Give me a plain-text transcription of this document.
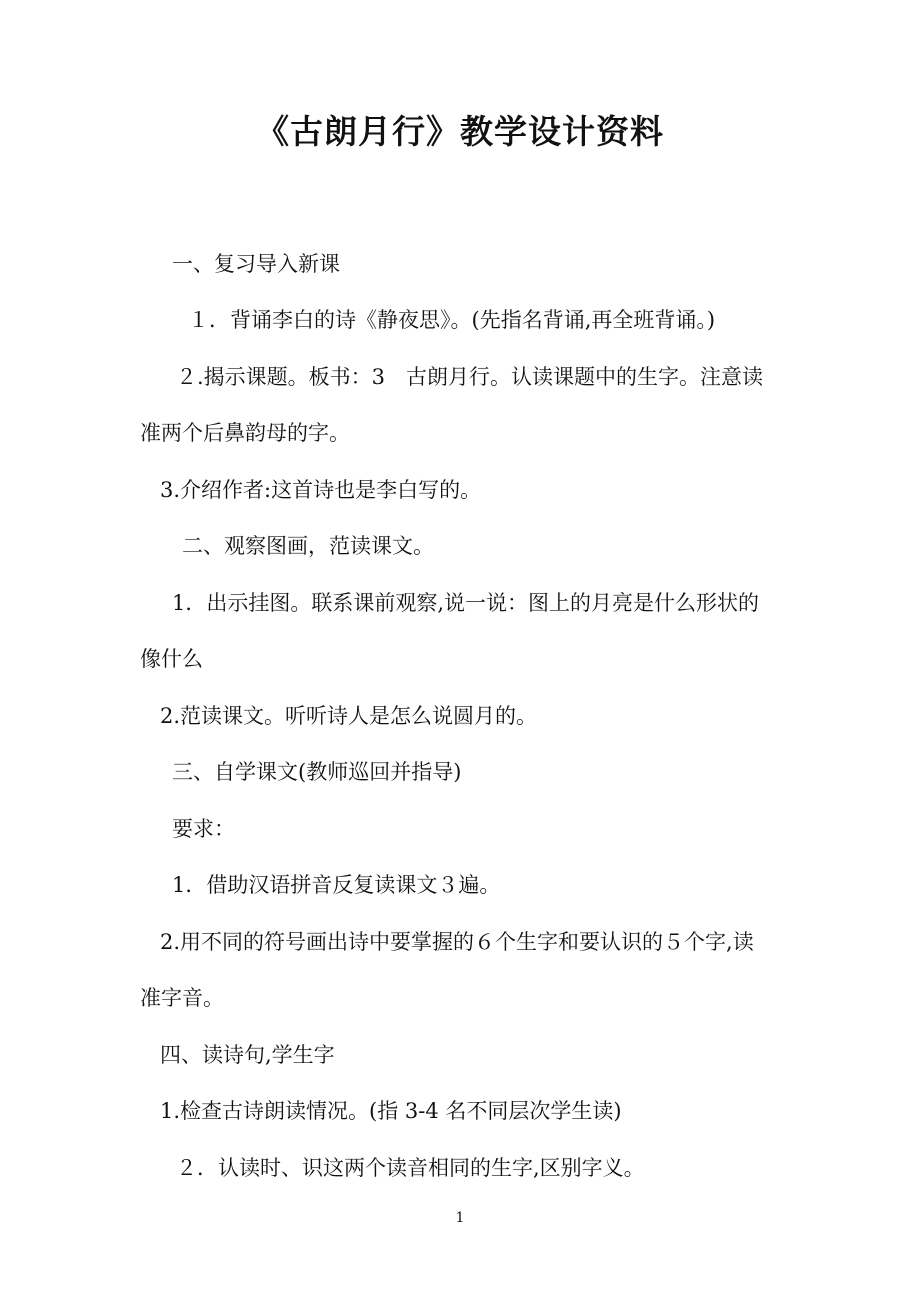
《古朗月行》教学设计资料
一、复习导入新课
１．背诵李白的诗《静夜思》。(先指名背诵,再全班背诵。)
２.揭示课题。板书：3　古朗月行。认读课题中的生字。注意读
准两个后鼻韵母的字。
3.介绍作者:这首诗也是李白写的。
二、观察图画，范读课文。
1．出示挂图。联系课前观察,说一说：图上的月亮是什么形状的
像什么
2.范读课文。听听诗人是怎么说圆月的。
三、自学课文(教师巡回并指导)
要求：
1．借助汉语拼音反复读课文３遍。
2.用不同的符号画出诗中要掌握的６个生字和要认识的５个字,读
准字音。
四、读诗句,学生字
1.检查古诗朗读情况。(指 3-4 名不同层次学生读)
２．认读时、识这两个读音相同的生字,区别字义。
1
